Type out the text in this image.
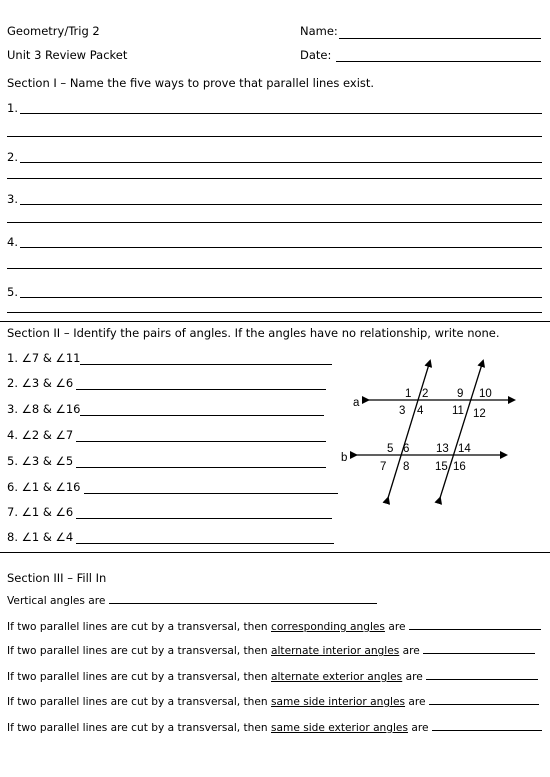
Geometry/Trig 2	Name:
Unit 3 Review Packet	Date:
Section I – Name the five ways to prove that parallel lines exist.
1.
2.
3.
4.
5.
Section II – Identify the pairs of angles. If the angles have no relationship, write none.
1. ∠7 & ∠11
2. ∠3 & ∠6
3. ∠8 & ∠16
4. ∠2 & ∠7
5. ∠3 & ∠5
6. ∠1 & ∠16
7. ∠1 & ∠6
8. ∠1 & ∠4
a
b
1 2
3 4
9 10
11 12
5 6
7 8
13 14
15 16
Section III – Fill In
Vertical angles are
If two parallel lines are cut by a transversal, then corresponding angles are
If two parallel lines are cut by a transversal, then alternate interior angles are
If two parallel lines are cut by a transversal, then alternate exterior angles are
If two parallel lines are cut by a transversal, then same side interior angles are
If two parallel lines are cut by a transversal, then same side exterior angles are
